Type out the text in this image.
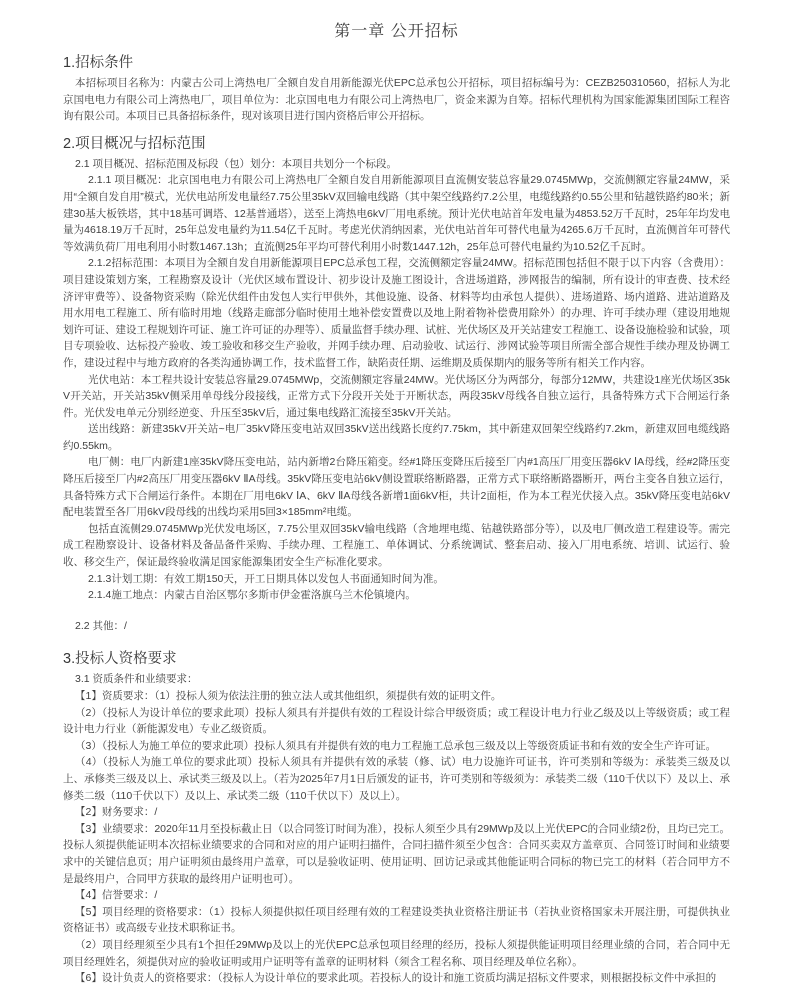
第一章 公开招标
1.招标条件

本招标项目名称为：内蒙古公司上湾热电厂全额自发自用新能源光伏EPC总承包公开招标，项目招标编号为：CEZB250310560，招标人为北京国电电力有限公司上湾热电厂，项目单位为：北京国电电力有限公司上湾热电厂，资金来源为自筹。招标代理机构为国家能源集团国际工程咨询有限公司。本项目已具备招标条件，现对该项目进行国内资格后审公开招标。

2.项目概况与招标范围

2.1 项目概况、招标范围及标段（包）划分：本项目共划分一个标段。

2.1.1 项目概况：北京国电电力有限公司上湾热电厂全额自发自用新能源项目直流侧安装总容量29.0745MWp，交流侧额定容量24MW，采用“全额自发自用”模式，光伏电站所发电量经7.75公里35kV双回输电线路（其中架空线路约7.2公里，电缆线路约0.55公里和钻越铁路约80米；新建30基大板铁塔，其中18基可调塔、12基普通塔），送至上湾热电6kV厂用电系统。预计光伏电站首年发电量为4853.52万千瓦时，25年年均发电量为4618.19万千瓦时，25年总发电量约为11.54亿千瓦时。考虑光伏消纳因素，光伏电站首年可替代电量为4265.6万千瓦时，直流侧首年可替代等效满负荷厂用电利用小时数1467.13h；直流侧25年平均可替代利用小时数1447.12h，25年总可替代电量约为10.52亿千瓦时。

2.1.2招标范围：本项目为全额自发自用新能源项目EPC总承包工程，交流侧额定容量24MW。招标范围包括但不限于以下内容（含费用）：项目建设策划方案，工程勘察及设计（光伏区域布置设计、初步设计及施工图设计，含进场道路，涉网报告的编制，所有设计的审查费、技术经济评审费等）、设备物资采购（除光伏组件由发包人实行甲供外，其他设施、设备、材料等均由承包人提供）、进场道路、场内道路、进站道路及用水用电工程施工、所有临时用地（线路走廊部分临时使用土地补偿安置费以及地上附着物补偿费用除外）的办理、许可手续办理（建设用地规划许可证、建设工程规划许可证、施工许可证的办理等）、质量监督手续办理、试桩、光伏场区及开关站建安工程施工、设备设施检验和试验，项目专项验收、达标投产验收、竣工验收和移交生产验收，并网手续办理、启动验收、试运行、涉网试验等项目所需全部合规性手续办理及协调工作，建设过程中与地方政府的各类沟通协调工作，技术监督工作，缺陷责任期、运维期及质保期内的服务等所有相关工作内容。

光伏电站：本工程共设计安装总容量29.0745MWp，交流侧额定容量24MW。光伏场区分为两部分，每部分12MW，共建设1座光伏场区35kV开关站，开关站35kV侧采用单母线分段接线，正常方式下分段开关处于开断状态，两段35kV母线各自独立运行，具备特殊方式下合闸运行条件。光伏发电单元分别经逆变、升压至35kV后，通过集电线路汇流接至35kV开关站。

送出线路：新建35kV开关站~电厂35kV降压变电站双回35kV送出线路长度约7.75km，其中新建双回架空线路约7.2km，新建双回电缆线路约0.55km。

电厂侧：电厂内新建1座35kV降压变电站，站内新增2台降压箱变。经#1降压变降压后接至厂内#1高压厂用变压器6kV ⅠA母线，经#2降压变降压后接至厂内#2高压厂用变压器6kV ⅡA母线。35kV降压变电站6kV侧设置联络断路器，正常方式下联络断路器断开，两台主变各自独立运行，具备特殊方式下合闸运行条件。本期在厂用电6kV ⅠA、6kV ⅡA母线各新增1面6kV柜，共计2面柜，作为本工程光伏接入点。35kV降压变电站6kV配电装置至各厂用6kV段母线的出线均采用5回3×185mm²电缆。

包括直流侧29.0745MWp光伏发电场区，7.75公里双回35kV输电线路（含地埋电缆、钻越铁路部分等），以及电厂侧改造工程建设等。需完成工程勘察设计、设备材料及备品备件采购、手续办理、工程施工、单体调试、分系统调试、整套启动、接入厂用电系统、培训、试运行、验收、移交生产，保证最终验收满足国家能源集团安全生产标准化要求。

2.1.3计划工期：有效工期150天，开工日期具体以发包人书面通知时间为准。

2.1.4施工地点：内蒙古自治区鄂尔多斯市伊金霍洛旗乌兰木伦镇境内。

2.2 其他：/

3.投标人资格要求

3.1 资质条件和业绩要求：

【1】资质要求：（1）投标人须为依法注册的独立法人或其他组织，须提供有效的证明文件。

（2）（投标人为设计单位的要求此项）投标人须具有并提供有效的工程设计综合甲级资质；或工程设计电力行业乙级及以上等级资质；或工程设计电力行业（新能源发电）专业乙级资质。

（3）（投标人为施工单位的要求此项）投标人须具有并提供有效的电力工程施工总承包三级及以上等级资质证书和有效的安全生产许可证。

（4）（投标人为施工单位的要求此项）投标人须具有并提供有效的承装（修、试）电力设施许可证书，许可类别和等级为：承装类三级及以上、承修类三级及以上、承试类三级及以上。（若为2025年7月1日后颁发的证书，许可类别和等级须为：承装类二级（110千伏以下）及以上、承修类二级（110千伏以下）及以上、承试类二级（110千伏以下）及以上）。

【2】财务要求：/

【3】业绩要求：2020年11月至投标截止日（以合同签订时间为准），投标人须至少具有29MWp及以上光伏EPC的合同业绩2份，且均已完工。投标人须提供能证明本次招标业绩要求的合同和对应的用户证明扫描件，合同扫描件须至少包含：合同买卖双方盖章页、合同签订时间和业绩要求中的关键信息页；用户证明须由最终用户盖章，可以是验收证明、使用证明、回访记录或其他能证明合同标的物已完工的材料（若合同甲方不是最终用户，合同甲方获取的最终用户证明也可）。

【4】信誉要求：/

【5】项目经理的资格要求：（1）投标人须提供拟任项目经理有效的工程建设类执业资格注册证书（若执业资格国家未开展注册，可提供执业资格证书）或高级专业技术职称证书。

（2）项目经理须至少具有1个担任29MWp及以上的光伏EPC总承包项目经理的经历，投标人须提供能证明项目经理业绩的合同，若合同中无项目经理姓名，须提供对应的验收证明或用户证明等有盖章的证明材料（须含工程名称、项目经理及单位名称）。

【6】设计负责人的资格要求：（投标人为设计单位的要求此项。若投标人的设计和施工资质均满足招标文件要求，则根据投标文件中承担的
